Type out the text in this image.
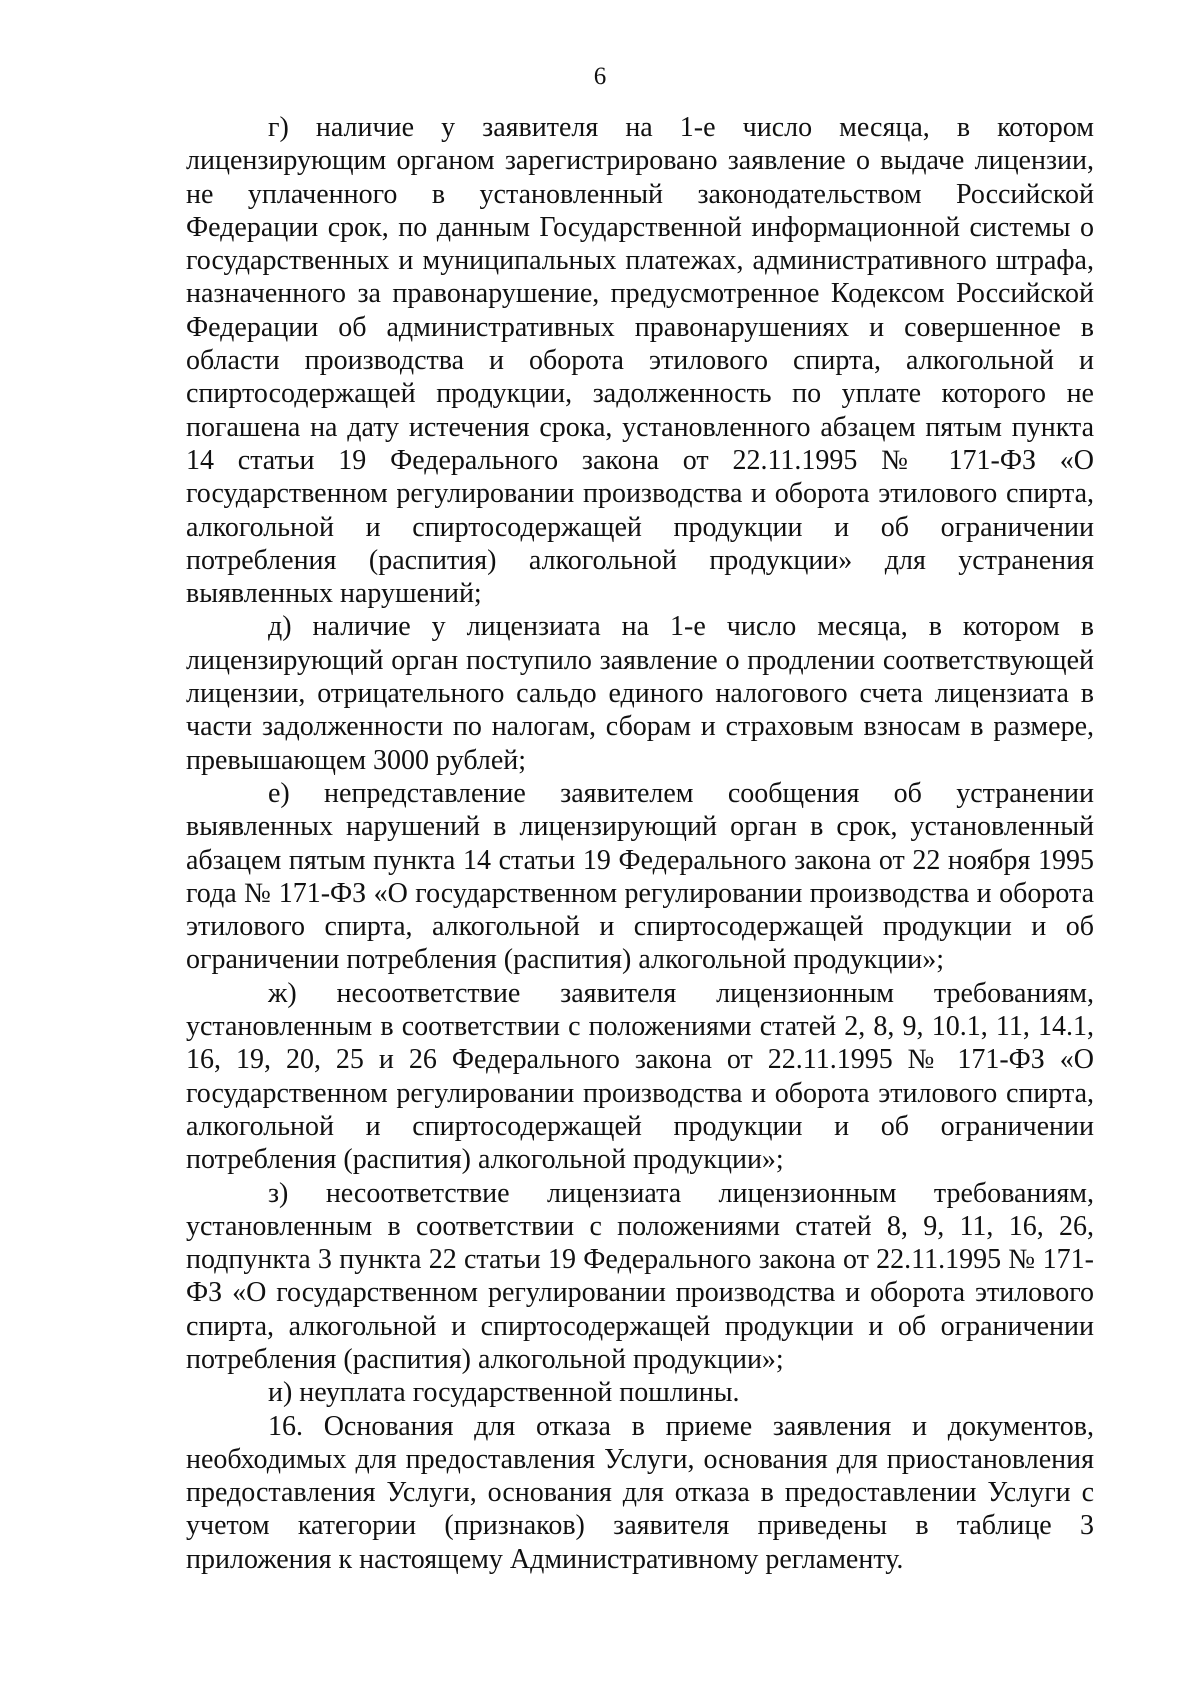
6

г) наличие у заявителя на 1-е число месяца, в котором лицензирующим органом зарегистрировано заявление о выдаче лицензии, не уплаченного в установленный законодательством Российской Федерации срок, по данным Государственной информационной системы о государственных и муниципальных платежах, административного штрафа, назначенного за правонарушение, предусмотренное Кодексом Российской Федерации об административных правонарушениях и совершенное в области производства и оборота этилового спирта, алкогольной и спиртосодержащей продукции, задолженность по уплате которого не погашена на дату истечения срока, установленного абзацем пятым пункта 14 статьи 19 Федерального закона от 22.11.1995 № 171-ФЗ «О государственном регулировании производства и оборота этилового спирта, алкогольной и спиртосодержащей продукции и об ограничении потребления (распития) алкогольной продукции» для устранения выявленных нарушений;

д) наличие у лицензиата на 1-е число месяца, в котором в лицензирующий орган поступило заявление о продлении соответствующей лицензии, отрицательного сальдо единого налогового счета лицензиата в части задолженности по налогам, сборам и страховым взносам в размере, превышающем 3000 рублей;

е) непредставление заявителем сообщения об устранении выявленных нарушений в лицензирующий орган в срок, установленный абзацем пятым пункта 14 статьи 19 Федерального закона от 22 ноября 1995 года № 171-ФЗ «О государственном регулировании производства и оборота этилового спирта, алкогольной и спиртосодержащей продукции и об ограничении потребления (распития) алкогольной продукции»;

ж) несоответствие заявителя лицензионным требованиям, установленным в соответствии с положениями статей 2, 8, 9, 10.1, 11, 14.1, 16, 19, 20, 25 и 26 Федерального закона от 22.11.1995 № 171-ФЗ «О государственном регулировании производства и оборота этилового спирта, алкогольной и спиртосодержащей продукции и об ограничении потребления (распития) алкогольной продукции»;

з) несоответствие лицензиата лицензионным требованиям, установленным в соответствии с положениями статей 8, 9, 11, 16, 26, подпункта 3 пункта 22 статьи 19 Федерального закона от 22.11.1995 № 171-ФЗ «О государственном регулировании производства и оборота этилового спирта, алкогольной и спиртосодержащей продукции и об ограничении потребления (распития) алкогольной продукции»;

и) неуплата государственной пошлины.

16. Основания для отказа в приеме заявления и документов, необходимых для предоставления Услуги, основания для приостановления предоставления Услуги, основания для отказа в предоставлении Услуги с учетом категории (признаков) заявителя приведены в таблице 3 приложения к настоящему Административному регламенту.
